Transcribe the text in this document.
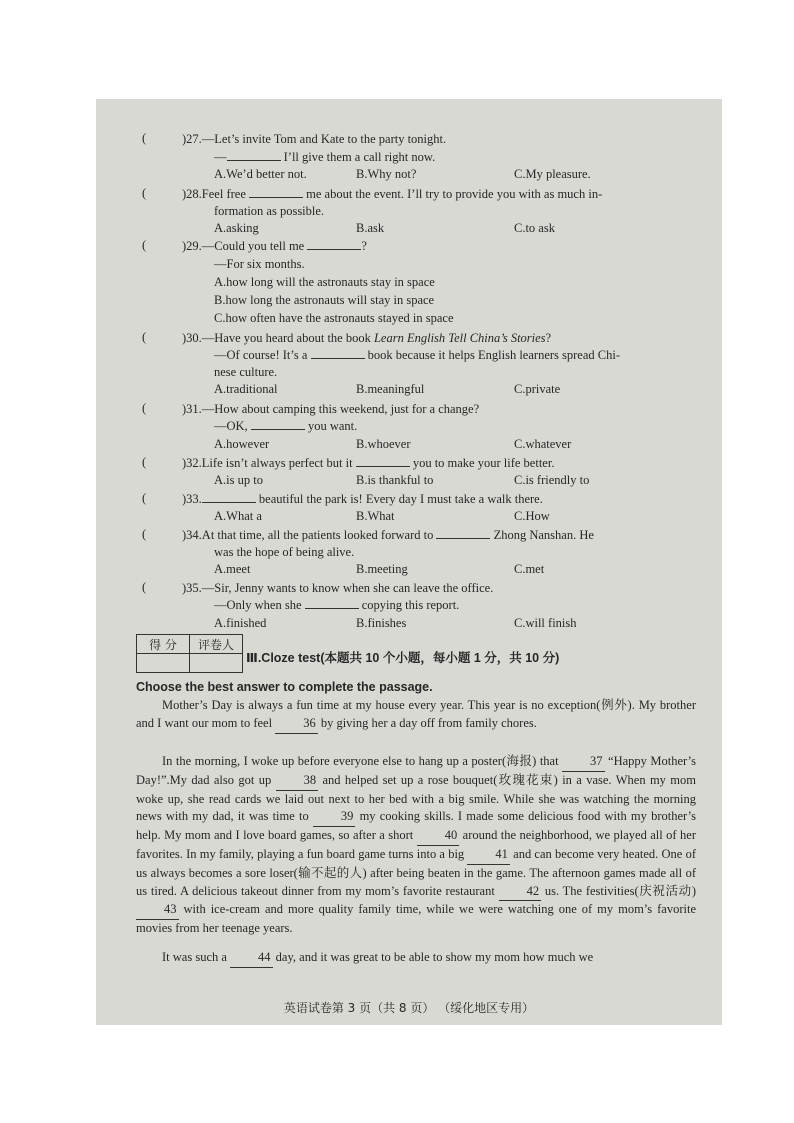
(	)27.—Let’s invite Tom and Kate to the party tonight.
—	I’ll give them a call right now.
A.We’d better not.	B.Why not?	C.My pleasure.
(	)28.Feel free	me about the event. I’ll try to provide you with as much in-
formation as possible.
A.asking	B.ask	C.to ask
(	)29.—Could you tell me	?
—For six months.
A.how long will the astronauts stay in space
B.how long the astronauts will stay in space
C.how often have the astronauts stayed in space
(	)30.—Have you heard about the book Learn English Tell China’s Stories?
—Of course! It’s a	book because it helps English learners spread Chi-
nese culture.
A.traditional	B.meaningful	C.private
(	)31.—How about camping this weekend, just for a change?
—OK,	you want.
A.however	B.whoever	C.whatever
(	)32.Life isn’t always perfect but it	you to make your life better.
A.is up to	B.is thankful to	C.is friendly to
(	)33.	beautiful the park is! Every day I must take a walk there.
A.What a	B.What	C.How
(	)34.At that time, all the patients looked forward to	Zhong Nanshan. He
was the hope of being alive.
A.meet	B.meeting	C.met
(	)35.—Sir, Jenny wants to know when she can leave the office.
—Only when she	copying this report.
A.finished	B.finishes	C.will finish
得 分	评卷人

Ⅲ.Cloze test(本题共 10 个小题，每小题 1 分，共 10 分)
Choose the best answer to complete the passage.
Mother’s Day is always a fun time at my house every year. This year is no exception(例外). My brother and I want our mom to feel 36 by giving her a day off from family chores.
In the morning, I woke up before everyone else to hang up a poster(海报) that 37 “Happy Mother’s Day!”.My dad also got up 38 and helped set up a rose bouquet(玫瑰花束) in a vase. When my mom woke up, she read cards we laid out next to her bed with a big smile. While she was watching the morning news with my dad, it was time to 39 my cooking skills. I made some delicious food with my brother’s help. My mom and I love board games, so after a short 40 around the neighborhood, we played all of her favorites. In my family, playing a fun board game turns into a big 41 and can become very heated. One of us always becomes a sore loser(输不起的人) after being beaten in the game. The afternoon games made all of us tired. A delicious takeout dinner from my mom’s favorite restaurant 42 us. The festivities(庆祝活动) 43 with ice-cream and more quality family time, while we were watching one of my mom’s favorite movies from her teenage years.
It was such a 44 day, and it was great to be able to show my mom how much we
英语试卷第 3 页（共 8 页） （绥化地区专用）
